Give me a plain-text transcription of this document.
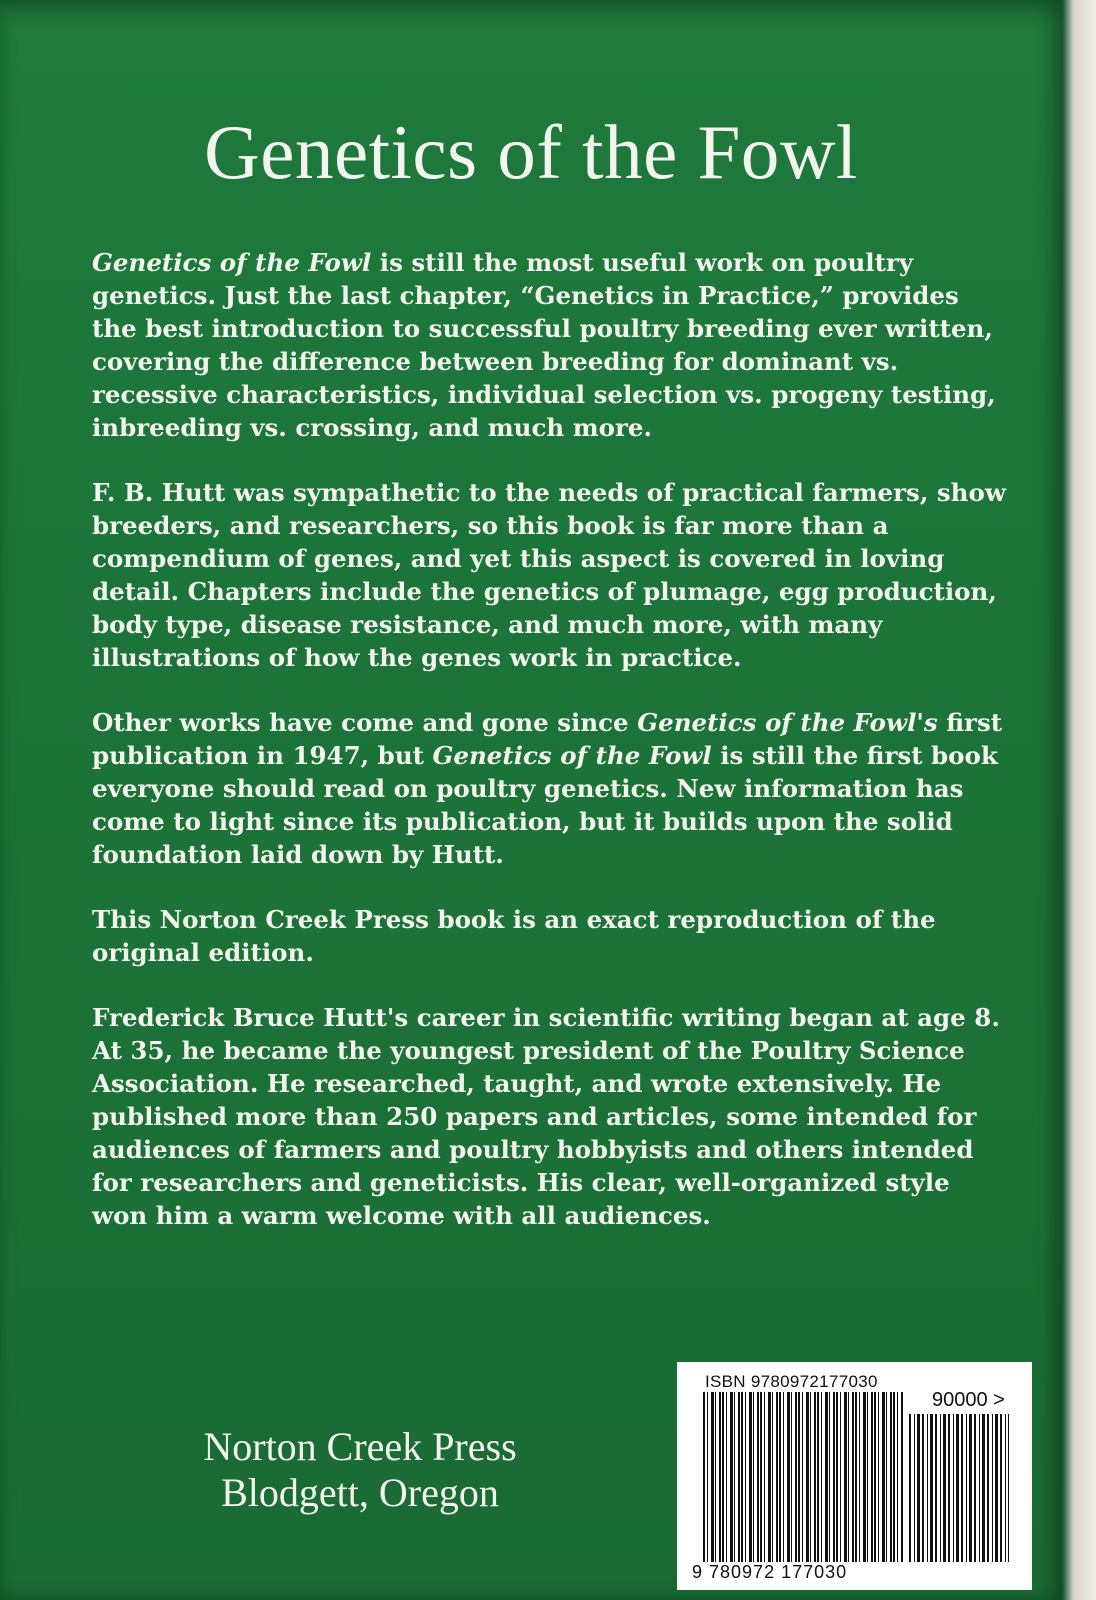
Genetics of the Fowl

Genetics of the Fowl is still the most useful work on poultry genetics. Just the last chapter, “Genetics in Practice,” provides the best introduction to successful poultry breeding ever written, covering the difference between breeding for dominant vs. recessive characteristics, individual selection vs. progeny testing, inbreeding vs. crossing, and much more.

F. B. Hutt was sympathetic to the needs of practical farmers, show breeders, and researchers, so this book is far more than a compendium of genes, and yet this aspect is covered in loving detail. Chapters include the genetics of plumage, egg production, body type, disease resistance, and much more, with many illustrations of how the genes work in practice.

Other works have come and gone since Genetics of the Fowl's first publication in 1947, but Genetics of the Fowl is still the first book everyone should read on poultry genetics. New information has come to light since its publication, but it builds upon the solid foundation laid down by Hutt.

This Norton Creek Press book is an exact reproduction of the original edition.

Frederick Bruce Hutt's career in scientific writing began at age 8. At 35, he became the youngest president of the Poultry Science Association. He researched, taught, and wrote extensively. He published more than 250 papers and articles, some intended for audiences of farmers and poultry hobbyists and others intended for researchers and geneticists. His clear, well-organized style won him a warm welcome with all audiences.

Norton Creek Press
Blodgett, Oregon
ISBN 9780972177030
90000 >
9 780972 177030
